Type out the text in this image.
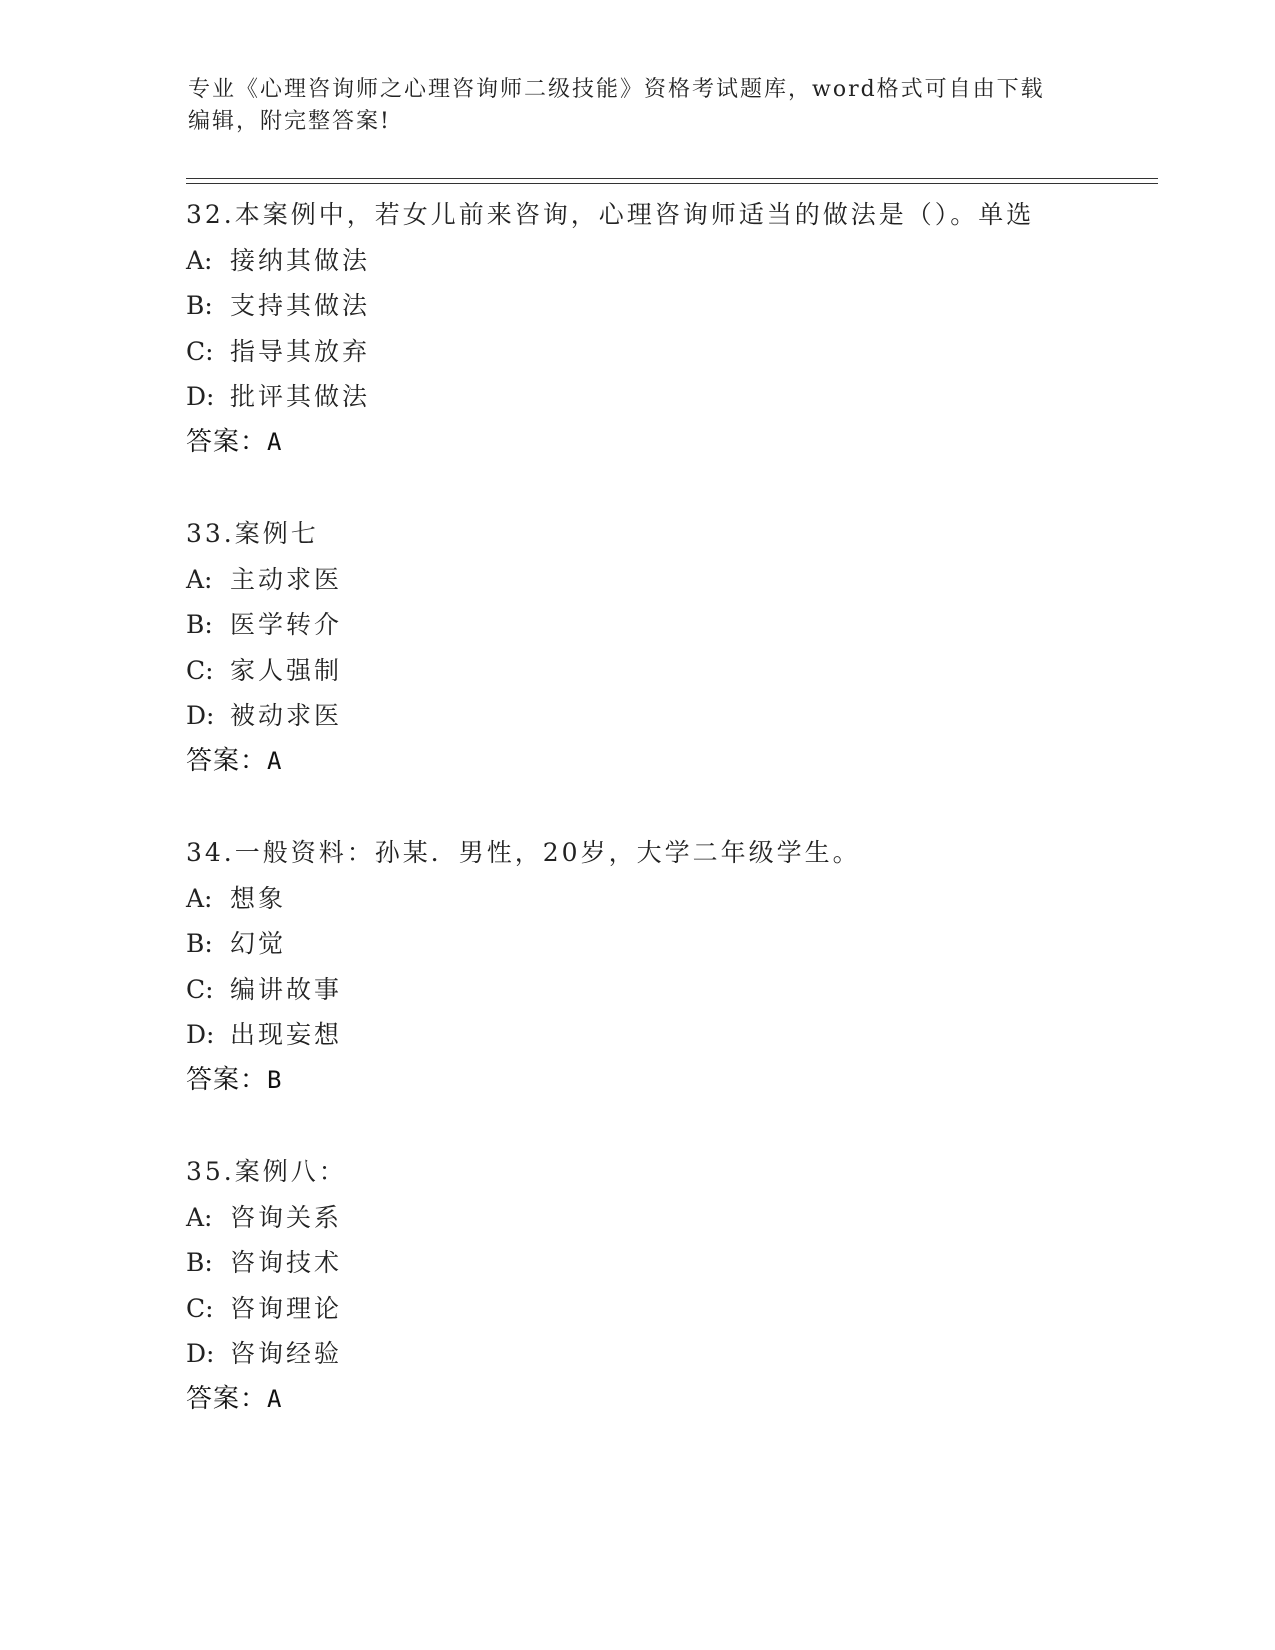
专业《心理咨询师之心理咨询师二级技能》资格考试题库，word格式可自由下载
编辑，附完整答案!
32.本案例中，若女儿前来咨询，心理咨询师适当的做法是（）。单选
A: 接纳其做法
B: 支持其做法
C: 指导其放弃
D: 批评其做法
答案：A
33.案例七
A: 主动求医
B: 医学转介
C: 家人强制
D: 被动求医
答案：A
34.一般资料：孙某．男性，20岁，大学二年级学生。
A: 想象
B: 幻觉
C: 编讲故事
D: 出现妄想
答案：B
35.案例八：
A: 咨询关系
B: 咨询技术
C: 咨询理论
D: 咨询经验
答案：A
